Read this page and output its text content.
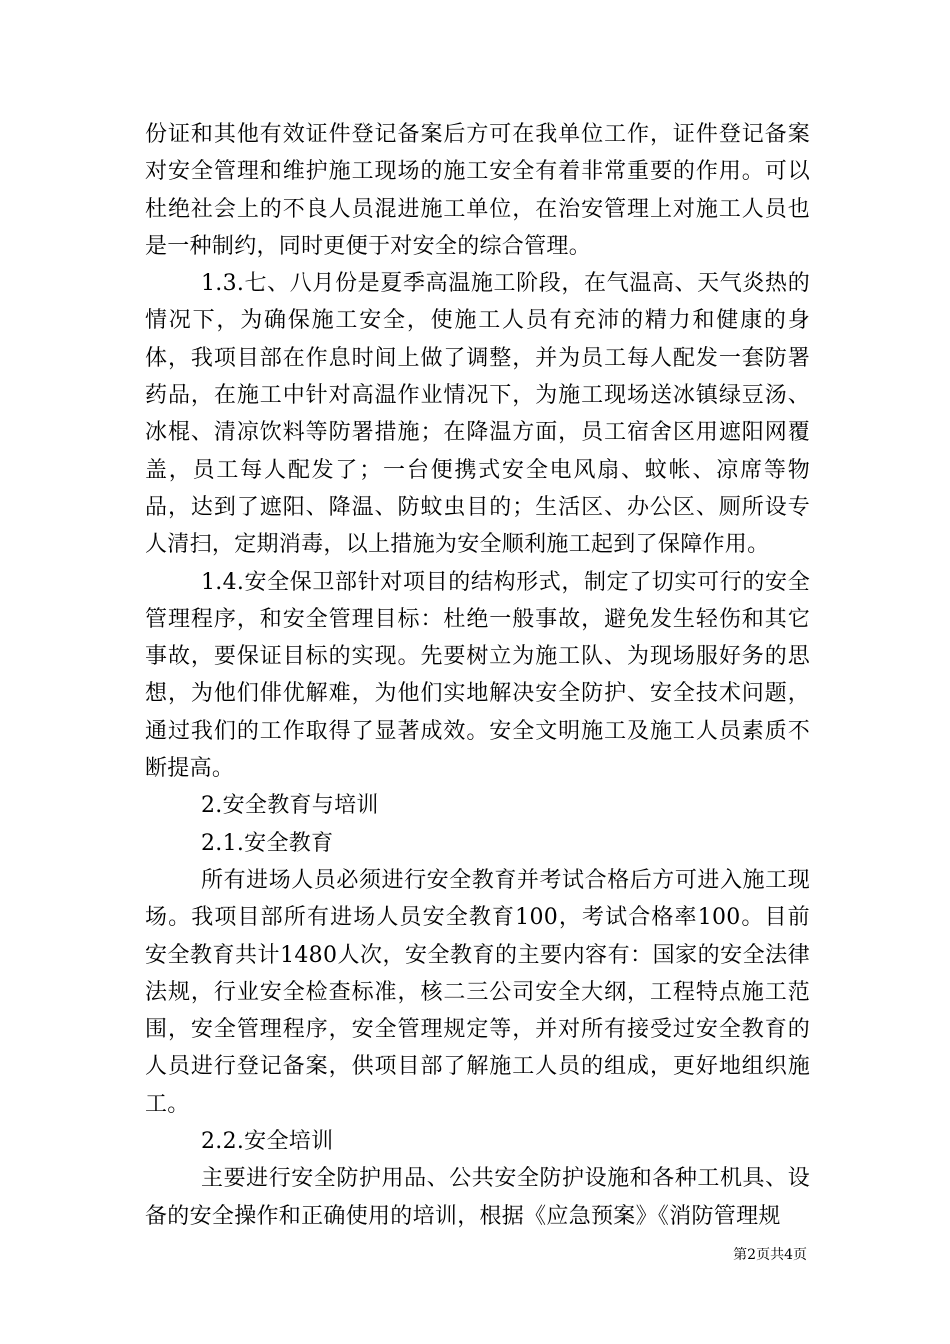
份证和其他有效证件登记备案后方可在我单位工作，证件登记备案对安全管理和维护施工现场的施工安全有着非常重要的作用。可以杜绝社会上的不良人员混进施工单位，在治安管理上对施工人员也是一种制约，同时更便于对安全的综合管理。

1.3.七、八月份是夏季高温施工阶段，在气温高、天气炎热的情况下，为确保施工安全，使施工人员有充沛的精力和健康的身体，我项目部在作息时间上做了调整，并为员工每人配发一套防署药品，在施工中针对高温作业情况下，为施工现场送冰镇绿豆汤、冰棍、清凉饮料等防署措施；在降温方面，员工宿舍区用遮阳网覆盖，员工每人配发了；一台便携式安全电风扇、蚊帐、凉席等物品，达到了遮阳、降温、防蚊虫目的；生活区、办公区、厕所设专人清扫，定期消毒，以上措施为安全顺利施工起到了保障作用。

1.4.安全保卫部针对项目的结构形式，制定了切实可行的安全管理程序，和安全管理目标：杜绝一般事故，避免发生轻伤和其它事故，要保证目标的实现。先要树立为施工队、为现场服好务的思想，为他们俳优解难，为他们实地解决安全防护、安全技术问题，通过我们的工作取得了显著成效。安全文明施工及施工人员素质不断提高。

2.安全教育与培训

2.1.安全教育

所有进场人员必须进行安全教育并考试合格后方可进入施工现场。我项目部所有进场人员安全教育100，考试合格率100。目前安全教育共计1480人次，安全教育的主要内容有：国家的安全法律法规，行业安全检查标准，核二三公司安全大纲，工程特点施工范围，安全管理程序，安全管理规定等，并对所有接受过安全教育的人员进行登记备案，供项目部了解施工人员的组成，更好地组织施工。

2.2.安全培训

主要进行安全防护用品、公共安全防护设施和各种工机具、设备的安全操作和正确使用的培训，根据《应急预案》《消防管理规

第2页共4页
